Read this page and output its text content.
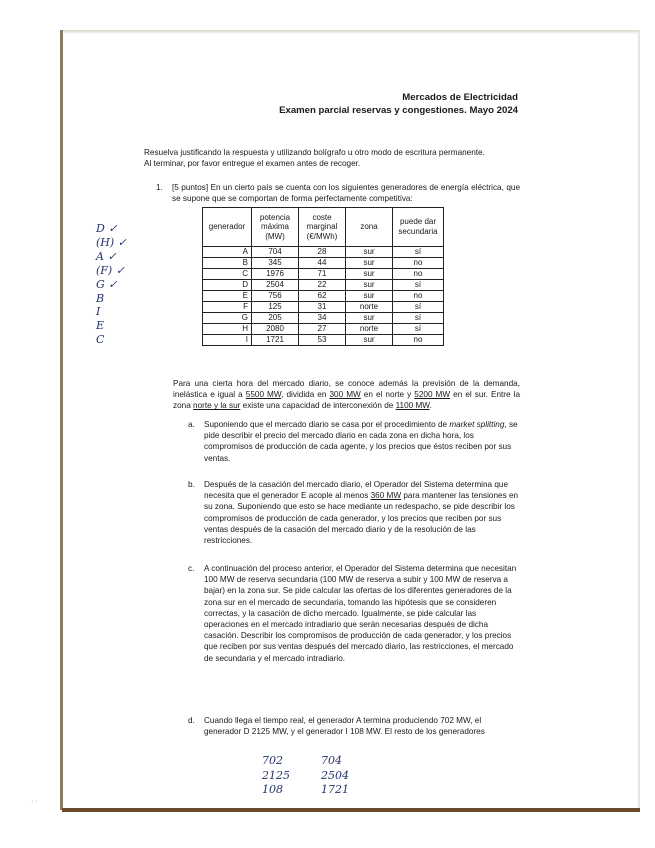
· ·
Mercados de Electricidad
Examen parcial reservas y congestiones. Mayo 2024
Resuelva justificando la respuesta y utilizando bolígrafo u otro modo de escritura permanente.
Al terminar, por favor entregue el examen antes de recoger.
1. [5 puntos] En un cierto país se cuenta con los siguientes generadores de energía eléctrica, que se supone que se comportan de forma perfectamente competitiva:
generador	potencia máxima (MW)	coste marginal (€/MWh)	zona	puede dar secundaria
A	704	28	sur	sí
B	345	44	sur	no
C	1976	71	sur	no
D	2504	22	sur	sí
E	756	62	sur	no
F	125	31	norte	sí
G	205	34	sur	sí
H	2080	27	norte	sí
I	1721	53	sur	no
D ✓
(H) ✓
A ✓
(F) ✓
G ✓
B
I
E
C
Para una cierta hora del mercado diario, se conoce además la previsión de la demanda, inelástica e igual a 5500 MW, dividida en 300 MW en el norte y 5200 MW en el sur. Entre la zona norte y la sur existe una capacidad de interconexión de 1100 MW.
a. Suponiendo que el mercado diario se casa por el procedimiento de market splitting, se pide describir el precio del mercado diario en cada zona en dicha hora, los compromisos de producción de cada agente, y los precios que éstos reciben por sus ventas.
b. Después de la casación del mercado diario, el Operador del Sistema determina que necesita que el generador E acople al menos 360 MW para mantener las tensiones en su zona. Suponiendo que esto se hace mediante un redespacho, se pide describir los compromisos de producción de cada generador, y los precios que reciben por sus ventas después de la casación del mercado diario y de la resolución de las restricciones.
c. A continuación del proceso anterior, el Operador del Sistema determina que necesitan 100 MW de reserva secundaria (100 MW de reserva a subir y 100 MW de reserva a bajar) en la zona sur. Se pide calcular las ofertas de los diferentes generadores de la zona sur en el mercado de secundaria, tomando las hipótesis que se consideren correctas, y la casación de dicho mercado. Igualmente, se pide calcular las operaciones en el mercado intradiario que serán necesarias después de dicha casación. Describir los compromisos de producción de cada generador, y los precios que reciben por sus ventas después del mercado diario, las restricciones, el mercado de secundaria y el mercado intradiario.
d. Cuando llega el tiempo real, el generador A termina produciendo 702 MW, el generador D 2125 MW, y el generador I 108 MW. El resto de los generadores
702
2125
108
704
2504
1721
